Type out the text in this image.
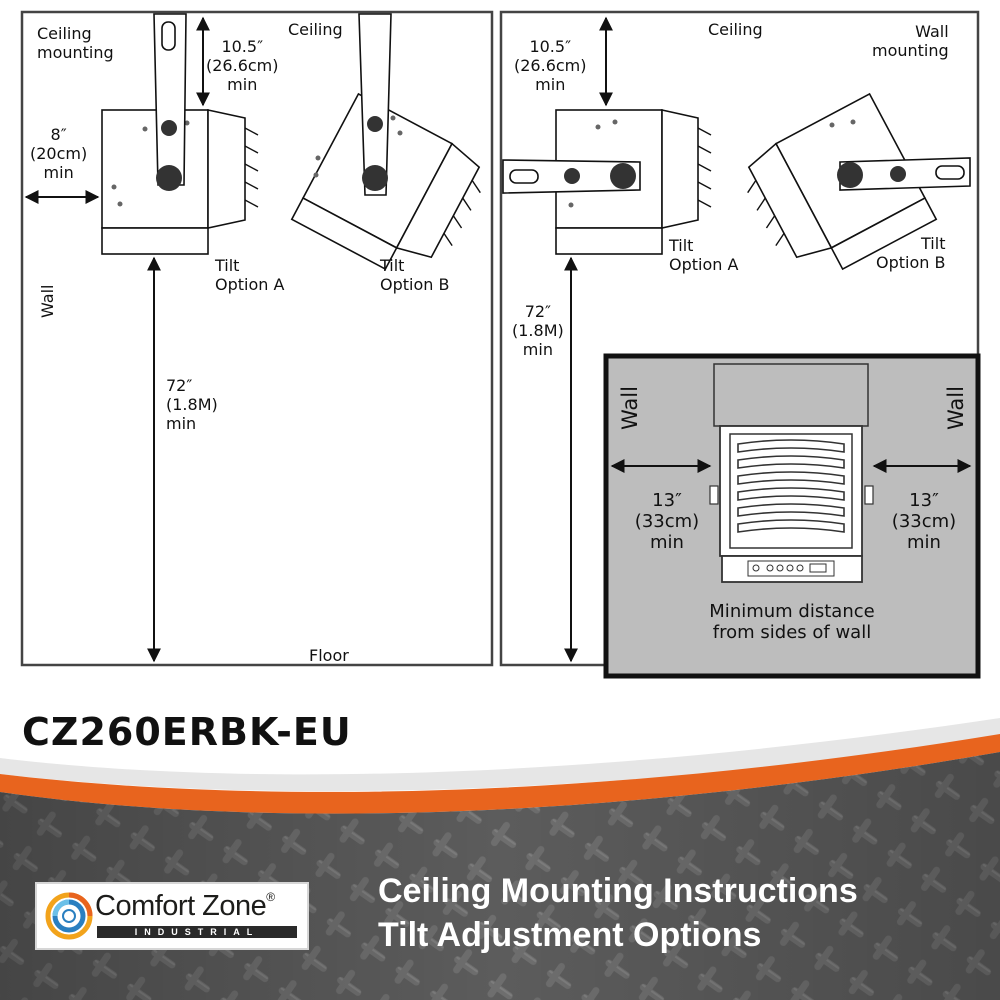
Ceiling
mounting
Ceiling
10.5″
(26.6cm)
min
8″
(20cm)
min
Wall
Tilt
Option A
Tilt
Option B
72″
(1.8M)
min
Floor
Ceiling	Wall
mounting
10.5″
(26.6cm)
min
Tilt
Option A
Tilt
Option B
72″
(1.8M)
min
Wall	Wall
13″
(33cm)
min
13″
(33cm)
min
Minimum distance
from sides of wall
CZ260ERBK-EU
Comfort Zone®
INDUSTRIAL
Ceiling Mounting Instructions
Tilt Adjustment Options
